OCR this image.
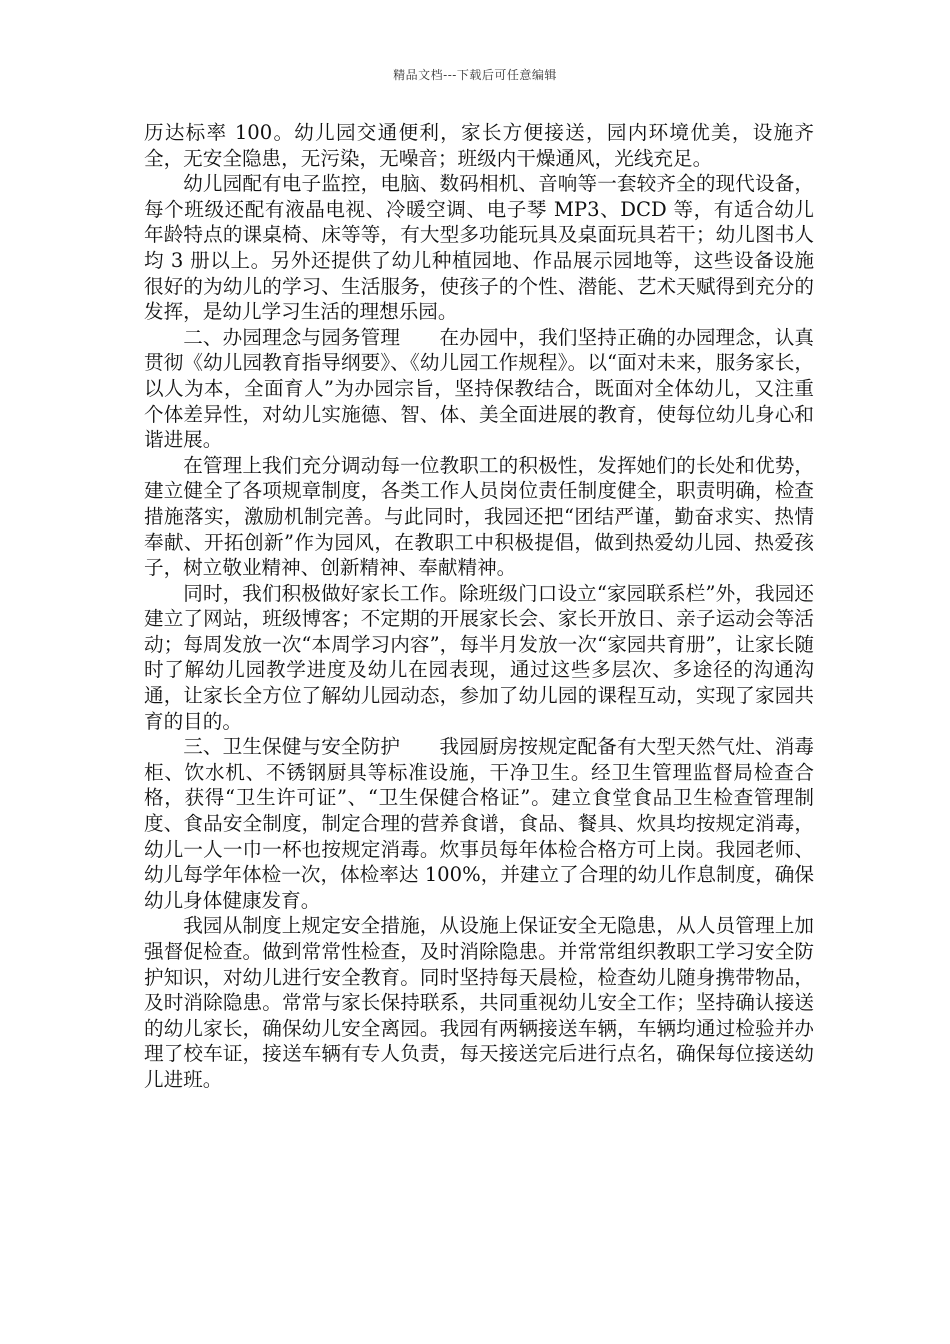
精品文档---下载后可任意编辑

历达标率 100。幼儿园交通便利，家长方便接送，园内环境优美，设施齐全，无安全隐患，无污染，无噪音；班级内干燥通风，光线充足。

幼儿园配有电子监控，电脑、数码相机、音响等一套较齐全的现代设备，每个班级还配有液晶电视、冷暖空调、电子琴 MP3、DCD 等，有适合幼儿年龄特点的课桌椅、床等等，有大型多功能玩具及桌面玩具若干；幼儿图书人均 3 册以上。另外还提供了幼儿种植园地、作品展示园地等，这些设备设施很好的为幼儿的学习、生活服务，使孩子的个性、潜能、艺术天赋得到充分的发挥，是幼儿学习生活的理想乐园。

二、办园理念与园务管理　　在办园中，我们坚持正确的办园理念，认真贯彻《幼儿园教育指导纲要》、《幼儿园工作规程》。以“面对未来，服务家长，以人为本，全面育人”为办园宗旨，坚持保教结合，既面对全体幼儿，又注重个体差异性，对幼儿实施德、智、体、美全面进展的教育，使每位幼儿身心和谐进展。

在管理上我们充分调动每一位教职工的积极性，发挥她们的长处和优势，建立健全了各项规章制度，各类工作人员岗位责任制度健全，职责明确，检查措施落实，激励机制完善。与此同时，我园还把“团结严谨，勤奋求实、热情奉献、开拓创新”作为园风，在教职工中积极提倡，做到热爱幼儿园、热爱孩子，树立敬业精神、创新精神、奉献精神。

同时，我们积极做好家长工作。除班级门口设立“家园联系栏”外，我园还建立了网站，班级博客；不定期的开展家长会、家长开放日、亲子运动会等活动；每周发放一次“本周学习内容”，每半月发放一次“家园共育册”，让家长随时了解幼儿园教学进度及幼儿在园表现，通过这些多层次、多途径的沟通沟通，让家长全方位了解幼儿园动态，参加了幼儿园的课程互动，实现了家园共育的目的。

三、卫生保健与安全防护　　我园厨房按规定配备有大型天然气灶、消毒柜、饮水机、不锈钢厨具等标准设施，干净卫生。经卫生管理监督局检查合格，获得“卫生许可证”、“卫生保健合格证”。建立食堂食品卫生检查管理制度、食品安全制度，制定合理的营养食谱，食品、餐具、炊具均按规定消毒，幼儿一人一巾一杯也按规定消毒。炊事员每年体检合格方可上岗。我园老师、幼儿每学年体检一次，体检率达 100%，并建立了合理的幼儿作息制度，确保幼儿身体健康发育。

我园从制度上规定安全措施，从设施上保证安全无隐患，从人员管理上加强督促检查。做到常常性检查，及时消除隐患。并常常组织教职工学习安全防护知识，对幼儿进行安全教育。同时坚持每天晨检，检查幼儿随身携带物品，及时消除隐患。常常与家长保持联系，共同重视幼儿安全工作；坚持确认接送的幼儿家长，确保幼儿安全离园。我园有两辆接送车辆，车辆均通过检验并办理了校车证，接送车辆有专人负责，每天接送完后进行点名，确保每位接送幼儿进班。
